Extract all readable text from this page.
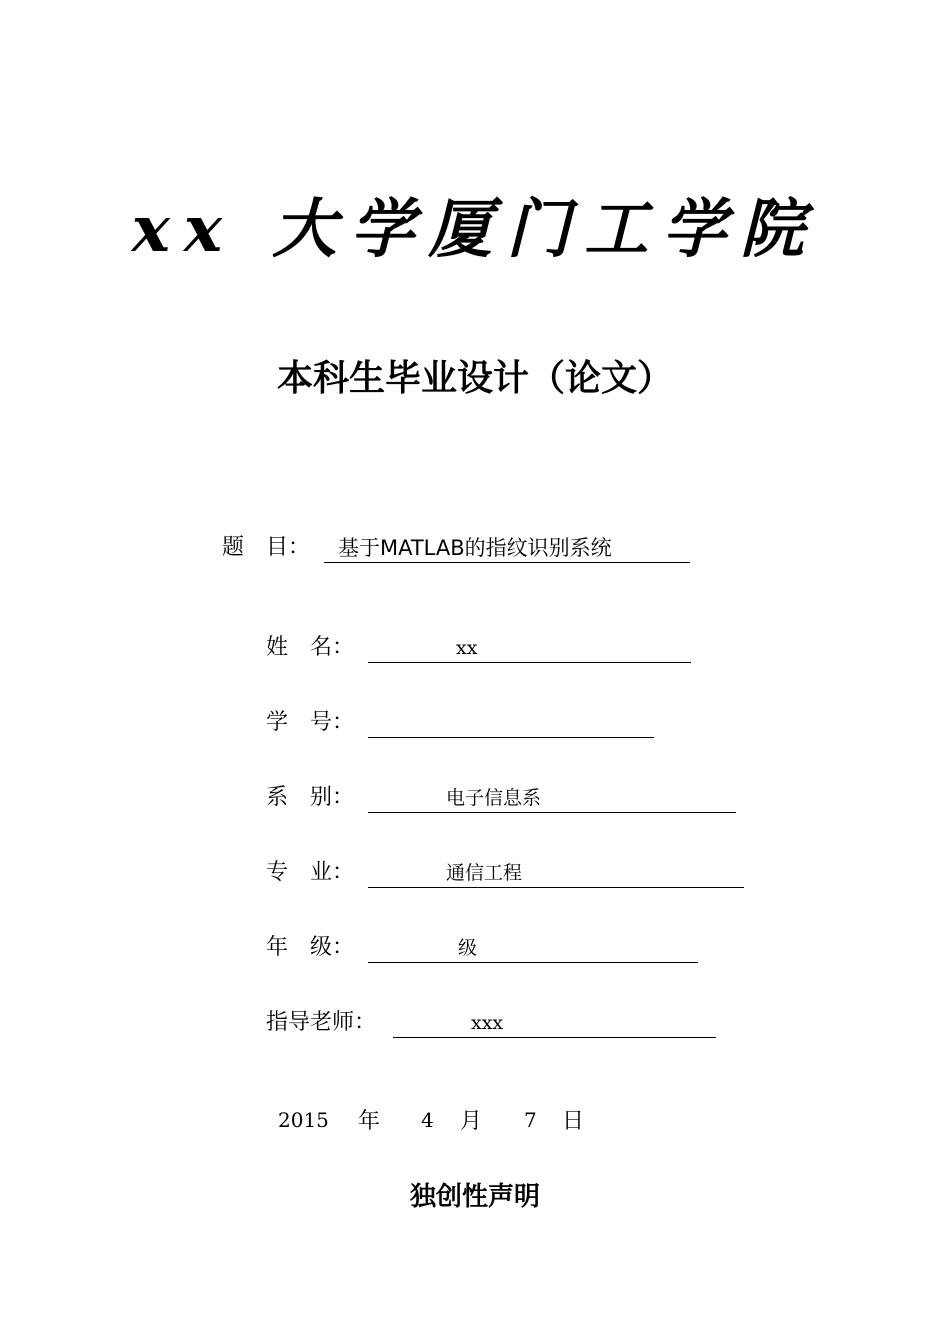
xx 大学厦门工学院
本科生毕业设计（论文）
题　目： 基于MATLAB的指纹识别系统
姓　名：	xx
学　号：
系　别：	电子信息系
专　业：	通信工程
年　级：	级
指导老师：	xxx
2015 年 4 月 7 日
独创性声明
